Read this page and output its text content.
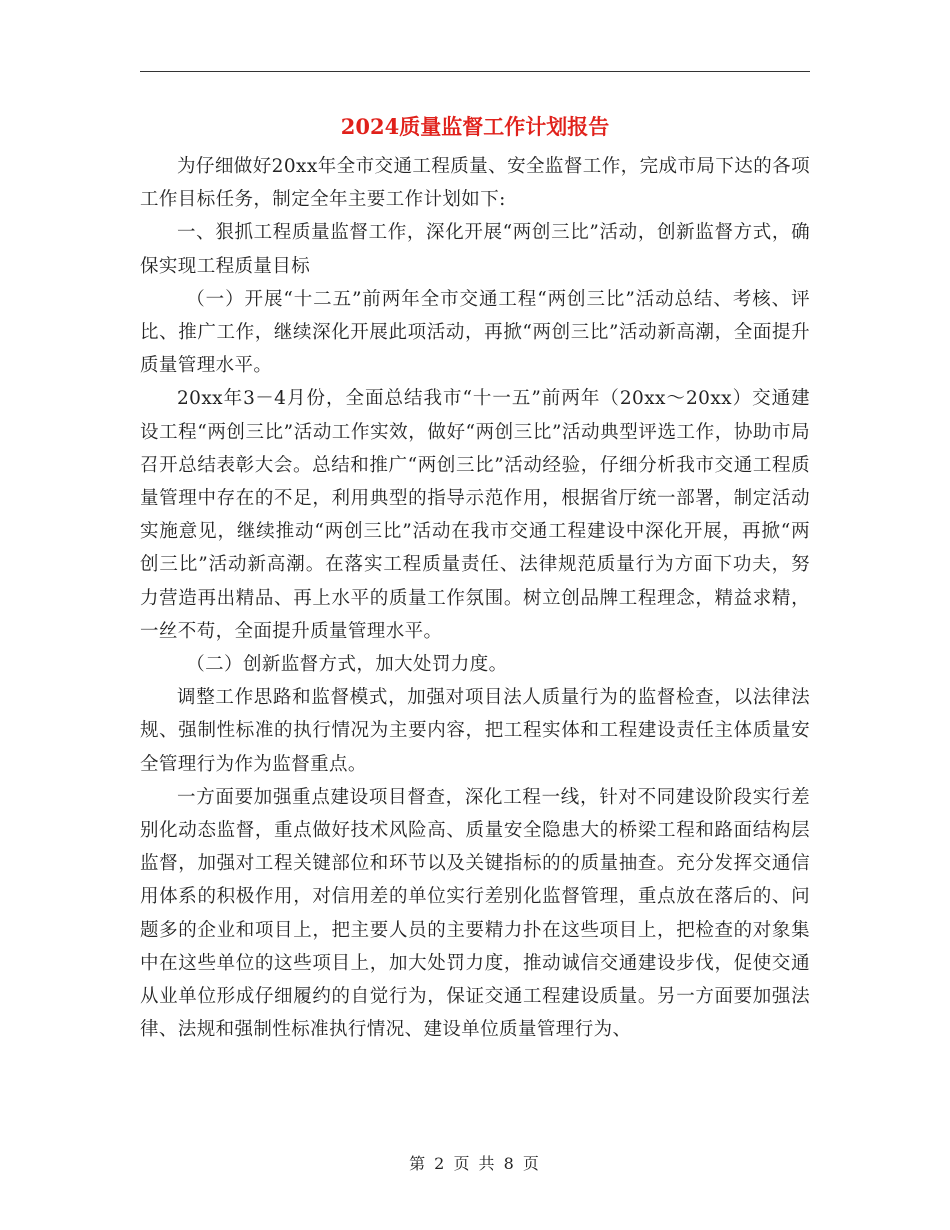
2024质量监督工作计划报告

为仔细做好20xx年全市交通工程质量、安全监督工作，完成市局下达的各项工作目标任务，制定全年主要工作计划如下:

一、狠抓工程质量监督工作，深化开展“两创三比”活动，创新监督方式，确保实现工程质量目标

（一）开展“十二五”前两年全市交通工程“两创三比”活动总结、考核、评比、推广工作，继续深化开展此项活动，再掀“两创三比”活动新高潮，全面提升质量管理水平。

20xx年3－4月份，全面总结我市“十一五”前两年（20xx～20xx）交通建设工程“两创三比”活动工作实效，做好“两创三比”活动典型评选工作，协助市局召开总结表彰大会。总结和推广“两创三比”活动经验，仔细分析我市交通工程质量管理中存在的不足，利用典型的指导示范作用，根据省厅统一部署，制定活动实施意见，继续推动“两创三比”活动在我市交通工程建设中深化开展，再掀“两创三比”活动新高潮。在落实工程质量责任、法律规范质量行为方面下功夫，努力营造再出精品、再上水平的质量工作氛围。树立创品牌工程理念，精益求精，一丝不苟，全面提升质量管理水平。

（二）创新监督方式，加大处罚力度。

调整工作思路和监督模式，加强对项目法人质量行为的监督检查，以法律法规、强制性标准的执行情况为主要内容，把工程实体和工程建设责任主体质量安全管理行为作为监督重点。

一方面要加强重点建设项目督查，深化工程一线，针对不同建设阶段实行差别化动态监督，重点做好技术风险高、质量安全隐患大的桥梁工程和路面结构层监督，加强对工程关键部位和环节以及关键指标的的质量抽查。充分发挥交通信用体系的积极作用，对信用差的单位实行差别化监督管理，重点放在落后的、问题多的企业和项目上，把主要人员的主要精力扑在这些项目上，把检查的对象集中在这些单位的这些项目上，加大处罚力度，推动诚信交通建设步伐，促使交通从业单位形成仔细履约的自觉行为，保证交通工程建设质量。另一方面要加强法律、法规和强制性标准执行情况、建设单位质量管理行为、

第 2 页 共 8 页
